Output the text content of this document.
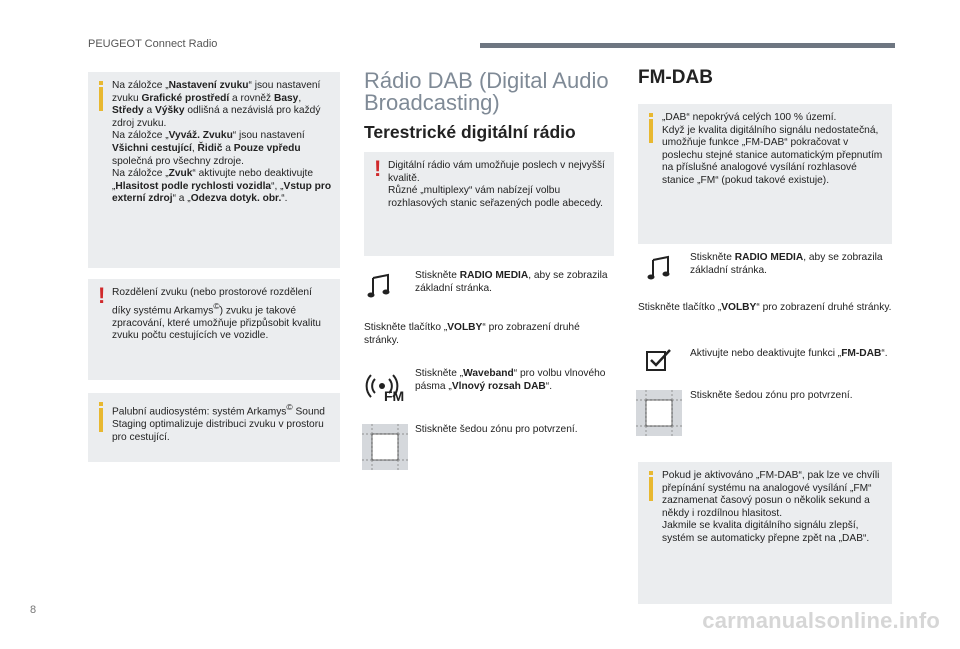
PEUGEOT Connect Radio

Na záložce „Nastavení zvuku“ jsou nastavení zvuku Grafické prostředí a rovněž Basy, Středy a Výšky odlišná a nezávislá pro každý zdroj zvuku.

Na záložce „Vyváž. Zvuku“ jsou nastavení Všichni cestující, Řidič a Pouze vpředu společná pro všechny zdroje.

Na záložce „Zvuk“ aktivujte nebo deaktivujte „Hlasitost podle rychlosti vozidla“, „Vstup pro externí zdroj“ a „Odezva dotyk. obr.“.

! Rozdělení zvuku (nebo prostorové rozdělení díky systému Arkamys©) zvuku je takové zpracování, které umožňuje přizpůsobit kvalitu zvuku počtu cestujících ve vozidle.
Palubní audiosystém: systém Arkamys© Sound Staging optimalizuje distribuci zvuku v prostoru pro cestující.
Rádio DAB (Digital Audio Broadcasting)
Terestrické digitální rádio
! Digitální rádio vám umožňuje poslech v nejvyšší kvalitě.
Různé „multiplexy“ vám nabízejí volbu rozhlasových stanic seřazených podle abecedy.
Stiskněte RADIO MEDIA, aby se zobrazila základní stránka.
Stiskněte tlačítko „VOLBY“ pro zobrazení druhé stránky.
FM
Stiskněte „Waveband“ pro volbu vlnového pásma „Vlnový rozsah DAB“.
Stiskněte šedou zónu pro potvrzení.
FM-DAB
„DAB“ nepokrývá celých 100 % území.
Když je kvalita digitálního signálu nedostatečná, umožňuje funkce „FM-DAB“ pokračovat v poslechu stejné stanice automatickým přepnutím na příslušné analogové vysílání rozhlasové stanice „FM“ (pokud takové existuje).
Stiskněte RADIO MEDIA, aby se zobrazila základní stránka.
Stiskněte tlačítko „VOLBY“ pro zobrazení druhé stránky.
Aktivujte nebo deaktivujte funkci „FM-DAB“.
Stiskněte šedou zónu pro potvrzení.
Pokud je aktivováno „FM-DAB“, pak lze ve chvíli přepínání systému na analogové vysílání „FM“ zaznamenat časový posun o několik sekund a někdy i rozdílnou hlasitost.
Jakmile se kvalita digitálního signálu zlepší, systém se automaticky přepne zpět na „DAB“.
8	carmanualsonline.info
